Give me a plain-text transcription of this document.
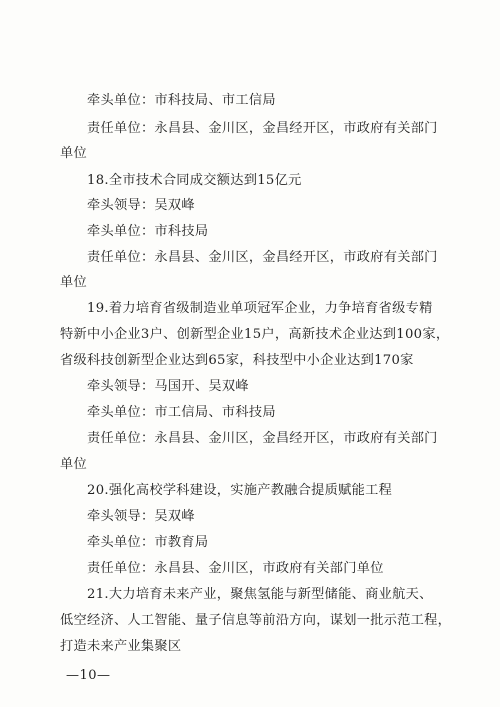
牵头单位：市科技局、市工信局
责任单位：永昌县、金川区，金昌经开区，市政府有关部门
单位
18.全市技术合同成交额达到15亿元
牵头领导：吴双峰
牵头单位：市科技局
责任单位：永昌县、金川区，金昌经开区，市政府有关部门
单位
19.着力培育省级制造业单项冠军企业，力争培育省级专精
特新中小企业3户、创新型企业15户，高新技术企业达到100家，
省级科技创新型企业达到65家，科技型中小企业达到170家
牵头领导：马国开、吴双峰
牵头单位：市工信局、市科技局
责任单位：永昌县、金川区，金昌经开区，市政府有关部门
单位
20.强化高校学科建设，实施产教融合提质赋能工程
牵头领导：吴双峰
牵头单位：市教育局
责任单位：永昌县、金川区，市政府有关部门单位
21.大力培育未来产业，聚焦氢能与新型储能、商业航天、
低空经济、人工智能、量子信息等前沿方向，谋划一批示范工程，
打造未来产业集聚区
—10—
